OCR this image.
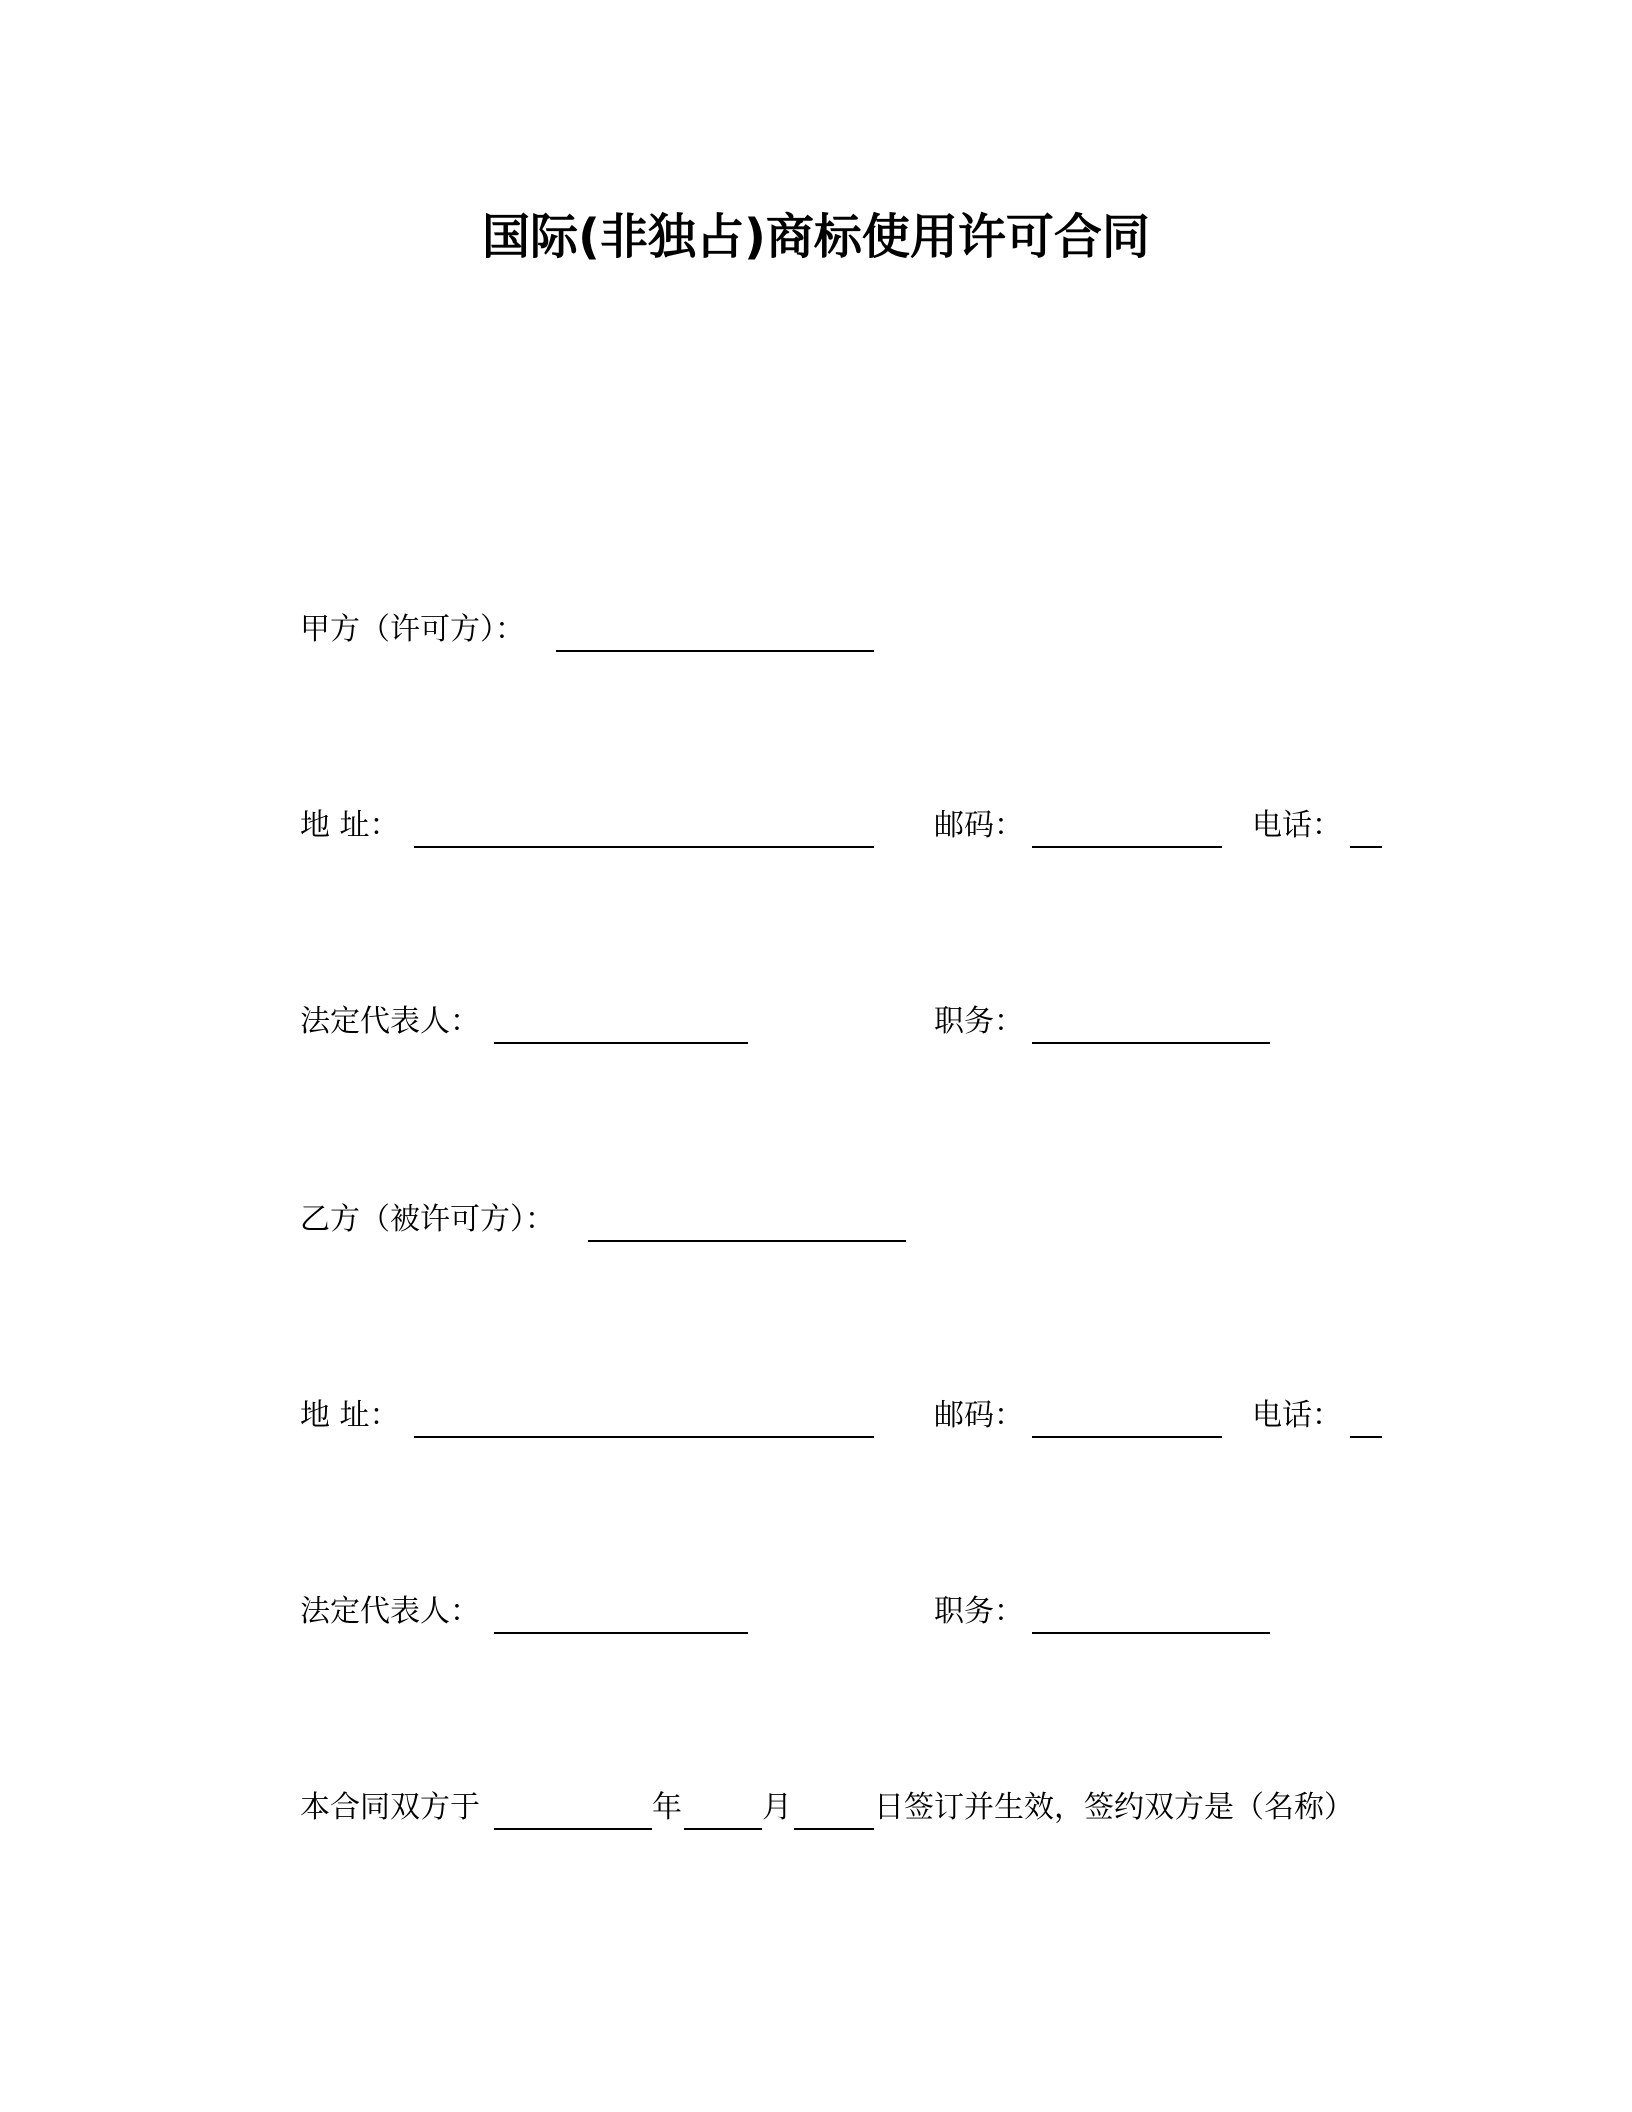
国际(非独占)商标使用许可合同
甲方（许可方）：
地 址：	邮码：	电话：
法定代表人：	职务：
乙方（被许可方）：
地 址：	邮码：	电话：
法定代表人：	职务：
本合同双方于	年	月	日签订并生效，签约双方是（名称）
